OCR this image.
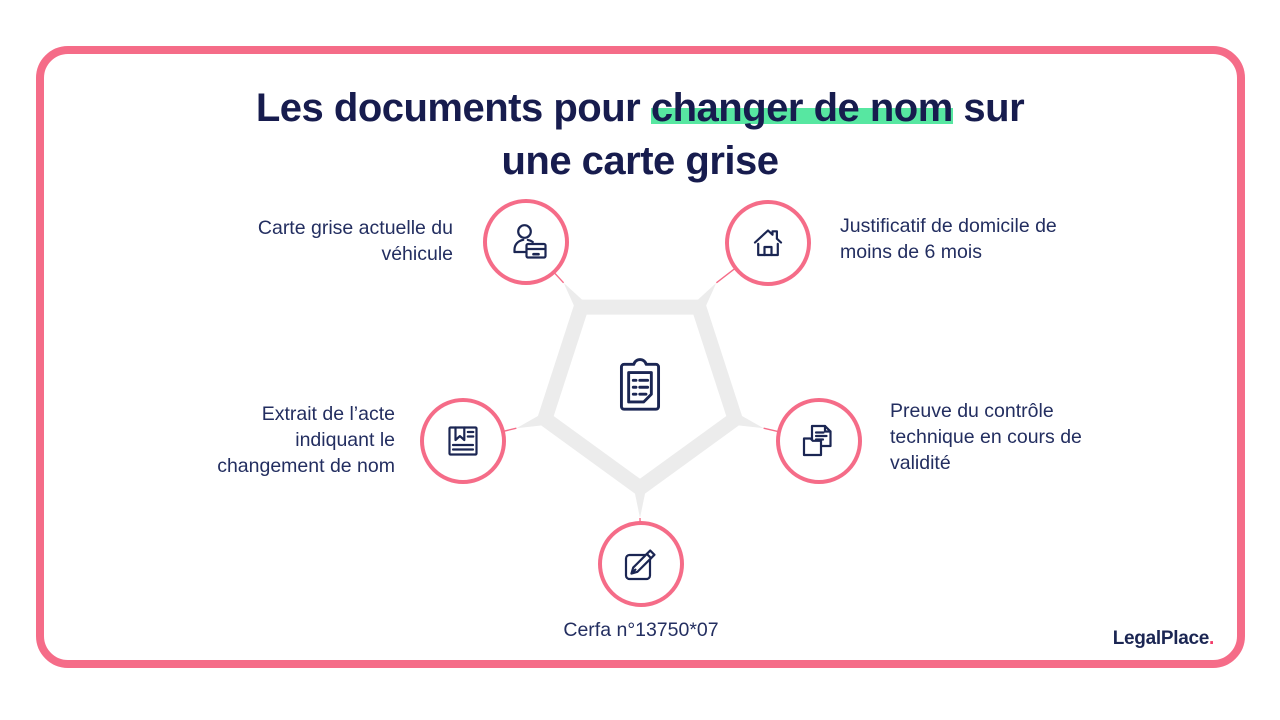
Les documents pour changer de nom sur
une carte grise
Carte grise actuelle du véhicule
Justificatif de domicile de moins de 6 mois
Extrait de l’acte indiquant le changement de nom
Preuve du contrôle technique en cours de validité
Cerfa n°13750*07	LegalPlace.
